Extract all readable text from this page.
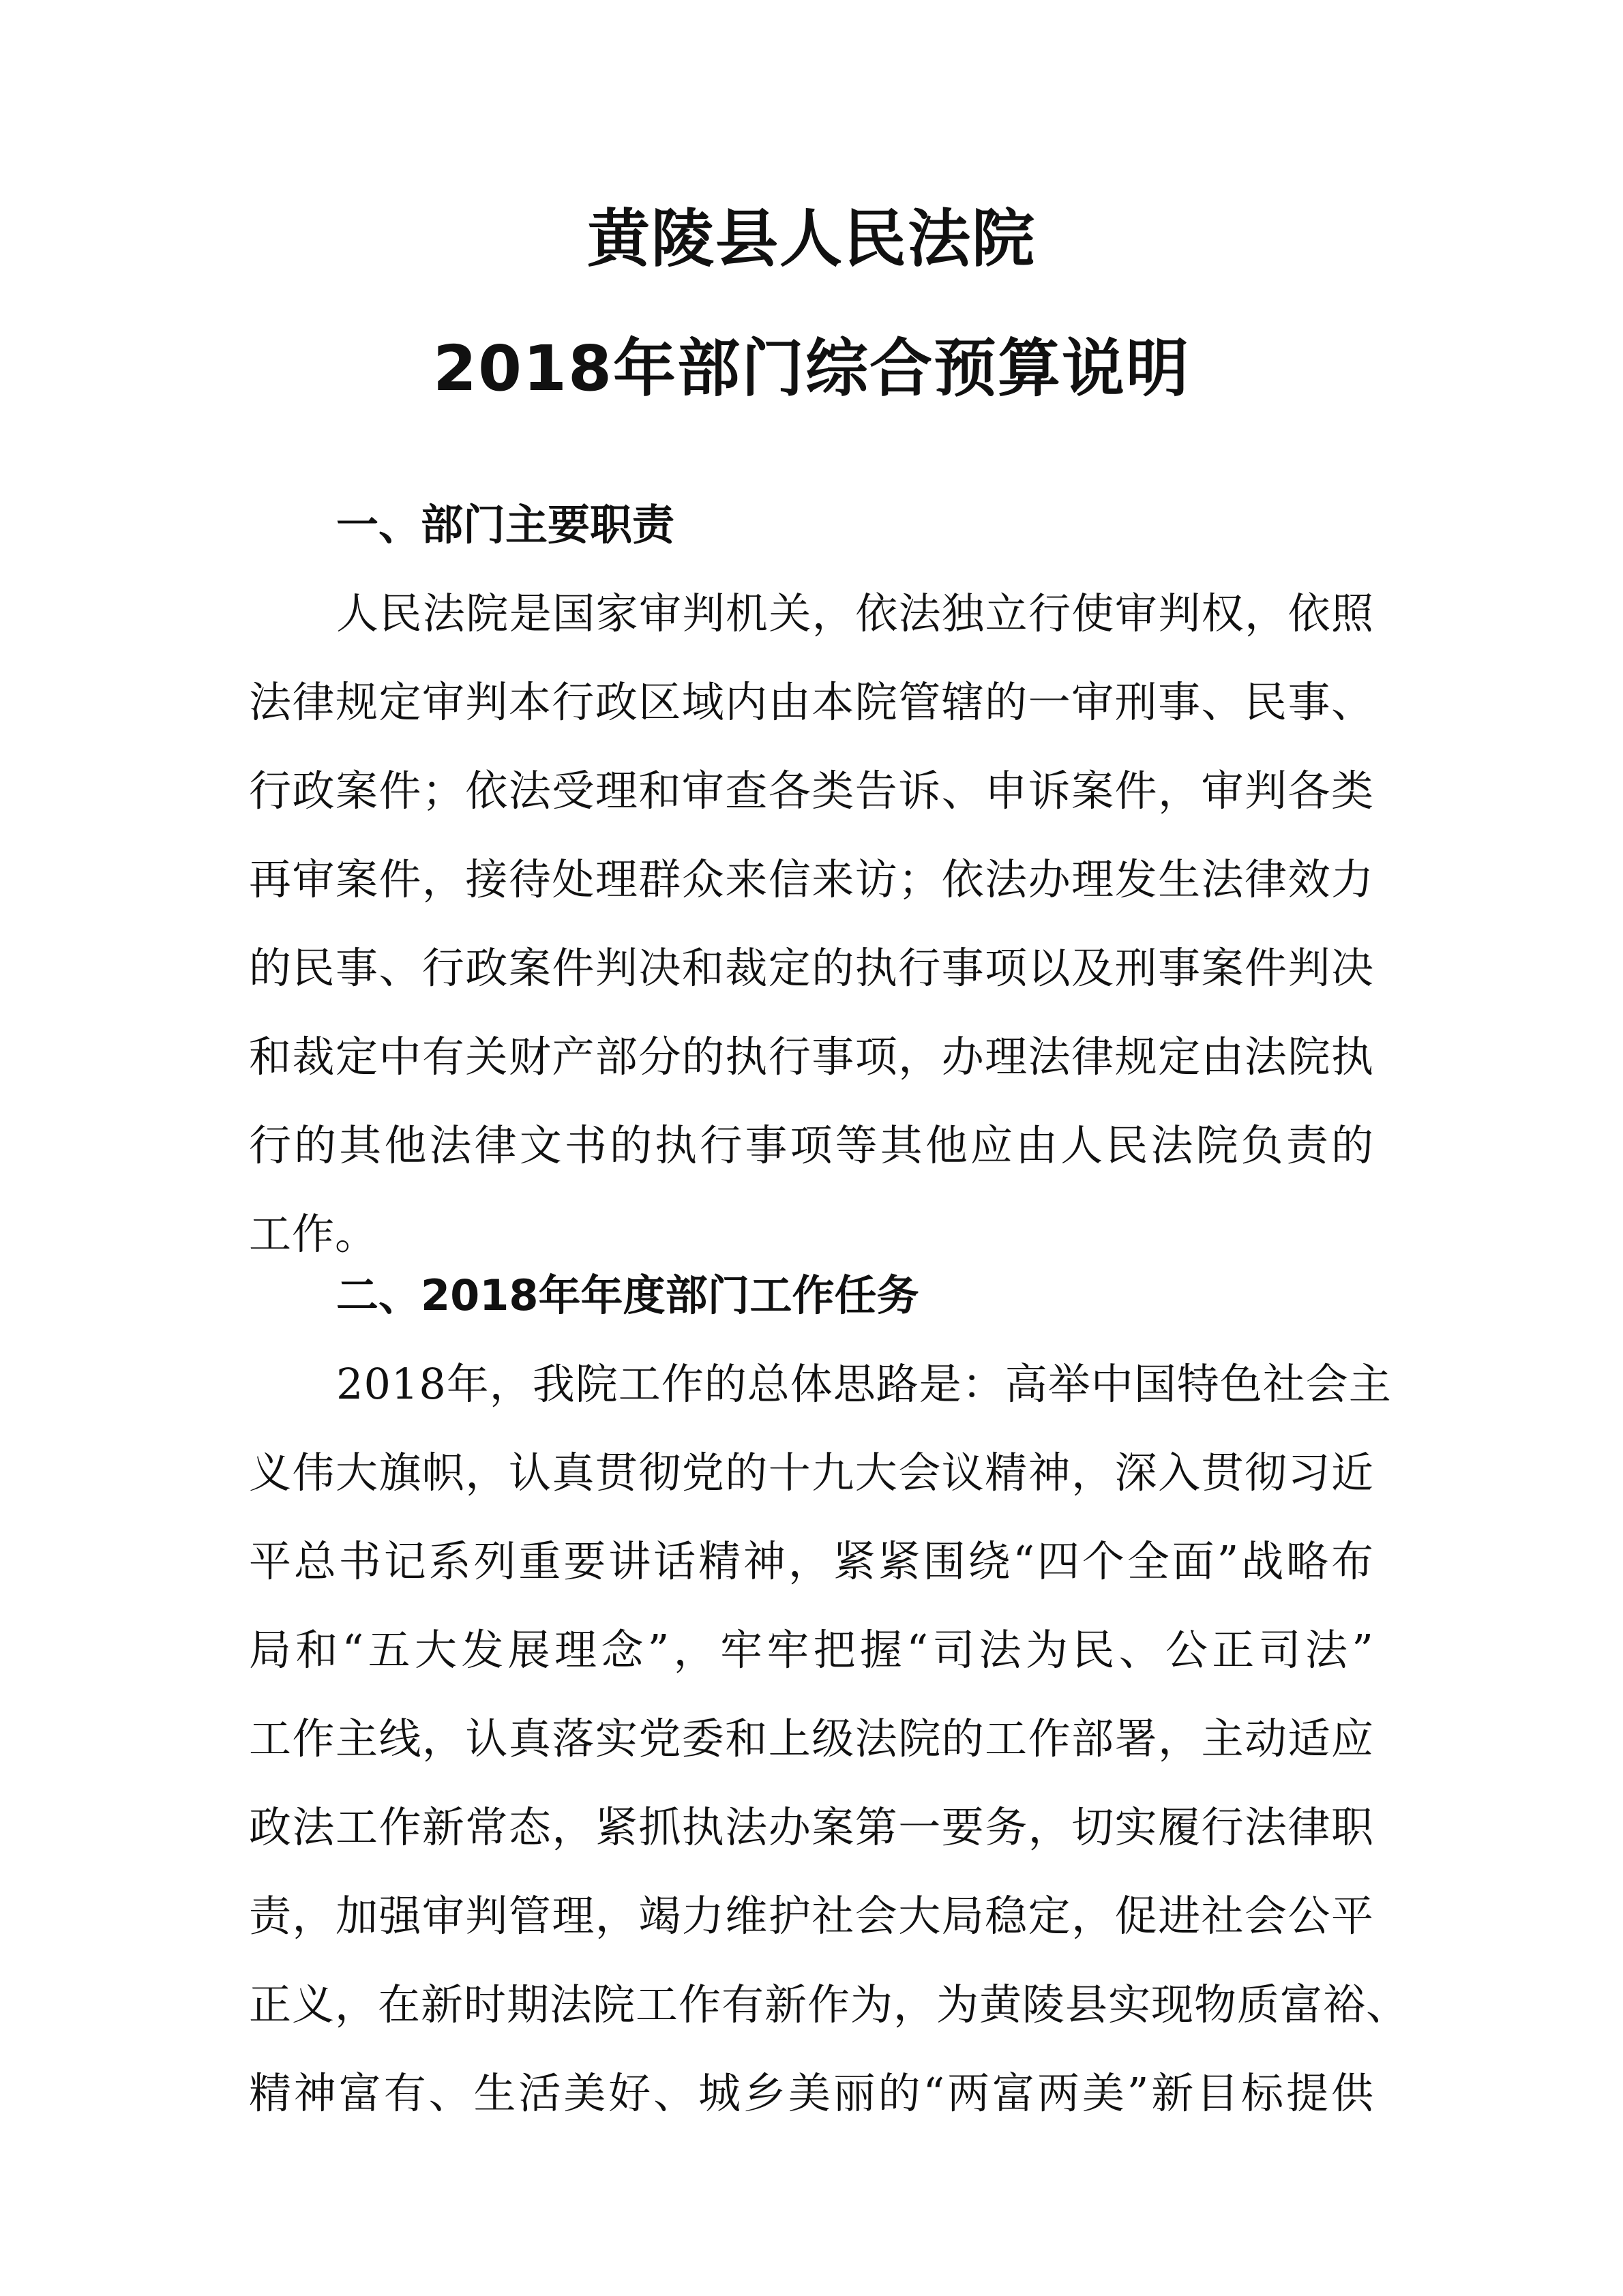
黄陵县人民法院
2018年部门综合预算说明
一、部门主要职责
人民法院是国家审判机关，依法独立行使审判权，依照
法律规定审判本行政区域内由本院管辖的一审刑事、民事、
行政案件；依法受理和审查各类告诉、申诉案件，审判各类
再审案件，接待处理群众来信来访；依法办理发生法律效力
的民事、行政案件判决和裁定的执行事项以及刑事案件判决
和裁定中有关财产部分的执行事项，办理法律规定由法院执
行的其他法律文书的执行事项等其他应由人民法院负责的
工作。
二、2018年年度部门工作任务
2018年，我院工作的总体思路是：高举中国特色社会主
义伟大旗帜，认真贯彻党的十九大会议精神，深入贯彻习近
平总书记系列重要讲话精神，紧紧围绕“四个全面”战略布
局和“五大发展理念”，牢牢把握“司法为民、公正司法”
工作主线，认真落实党委和上级法院的工作部署，主动适应
政法工作新常态，紧抓执法办案第一要务，切实履行法律职
责，加强审判管理，竭力维护社会大局稳定，促进社会公平
正义，在新时期法院工作有新作为，为黄陵县实现物质富裕、
精神富有、生活美好、城乡美丽的“两富两美”新目标提供
